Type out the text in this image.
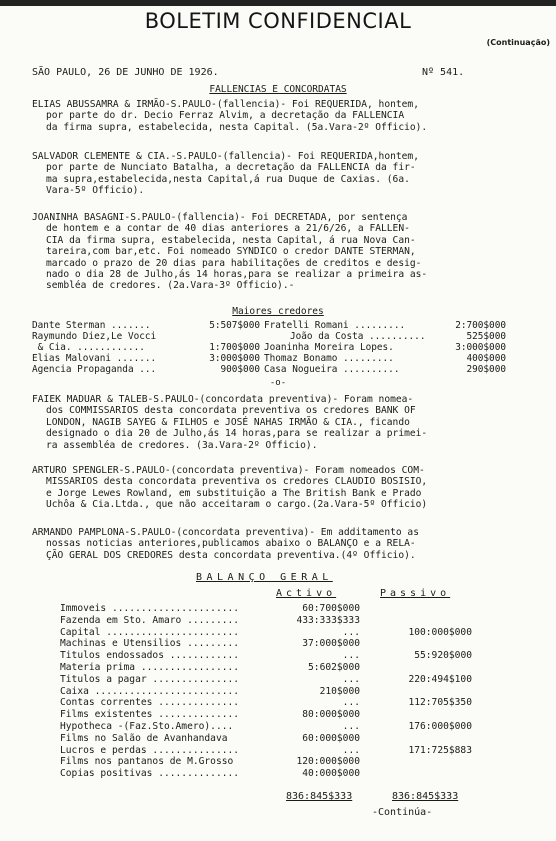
BOLETIM CONFIDENCIAL
(Continuação)
SÃO PAULO, 26 DE JUNHO DE 1926.	Nº 541.
FALLENCIAS E CONCORDATAS

ELIAS ABUSSAMRA & IRMÃO-S.PAULO-(fallencia)- Foi REQUERIDA, hontem,

por parte do dr. Decio Ferraz Alvim, a decretação da FALLENCIA

da firma supra, estabelecida, nesta Capital. (5a.Vara-2º Officio).

SALVADOR CLEMENTE & CIA.-S.PAULO-(fallencia)- Foi REQUERIDA,hontem,

por parte de Nunciato Batalha, a decretação da FALLENCIA da fir-

ma supra,estabelecida,nesta Capital,á rua Duque de Caxias. (6a.

Vara-5º Officio).

JOANINHA BASAGNI-S.PAULO-(fallencia)- Foi DECRETADA, por sentença

de hontem e a contar de 40 dias anteriores a 21/6/26, a FALLEN-

CIA da firma supra, estabelecida, nesta Capital, á rua Nova Can-

tareira,com bar,etc. Foi nomeado SYNDICO o credor DANTE STERMAN,

marcado o prazo de 20 dias para habilitações de creditos e desig-

nado o dia 28 de Julho,ás 14 horas,para se realizar a primeira as-

sembléa de credores. (2a.Vara-3º Officio).-

Maiores credores
Dante Sterman .......	5:507$000	Fratelli Romani .........	2:700$000
Raymundo Diez,Le Vocci		João da Costa ..........	525$000
& Cia. ............	1:700$000	Joaninha Moreira Lopes.	3:000$000
Elias Malovani .......	3:000$000	Thomaz Bonamo .........	400$000
Agencia Propaganda ...	900$000	Casa Nogueira ..........	290$000
-o-

FAIEK MADUAR & TALEB-S.PAULO-(concordata preventiva)- Foram nomea-

dos COMMISSARIOS desta concordata preventiva os credores BANK OF

LONDON, NAGIB SAYEG & FILHOS e JOSÉ NAHAS IRMÃO & CIA., ficando

designado o dia 20 de Julho,ás 14 horas,para se realizar a primei-

ra assembléa de credores. (3a.Vara-2º Officio).

ARTURO SPENGLER-S.PAULO-(concordata preventiva)- Foram nomeados COM-

MISSARIOS desta concordata preventiva os credores CLAUDIO BOSISIO,

e Jorge Lewes Rowland, em substituição a The British Bank e Prado

Uchôa & Cia.Ltda., que não acceitaram o cargo.(2a.Vara-5º Officio)

ARMANDO PAMPLONA-S.PAULO-(concordata preventiva)- Em additamento as

nossas noticias anteriores,publicamos abaixo o BALANÇO e a RELA-

ÇÃO GERAL DOS CREDORES desta concordata preventiva.(4º Officio).

BALANÇO GERAL
Activo	Passivo
Immoveis ......................	60:700$000	
Fazenda em Sto. Amaro .........	433:333$333	
Capital .......................	...	100:000$000
Machinas e Utensilios .........	37:000$000	
Titulos endossados ............	...	55:920$000
Materia prima .................	5:602$000	
Titulos a pagar ...............	...	220:494$100
Caixa .........................	210$000	
Contas correntes ..............	...	112:705$350
Films existentes ..............	80:000$000	
Hypotheca -(Faz.Sto.Amero)....	...	176:000$000
Films no Salão de Avanhandava	60:000$000	
Lucros e perdas ...............	...	171:725$883
Films nos pantanos de M.Grosso	120:000$000	
Copias positivas ..............	40:000$000	
836:845$333	836:845$333
-Continúa-
